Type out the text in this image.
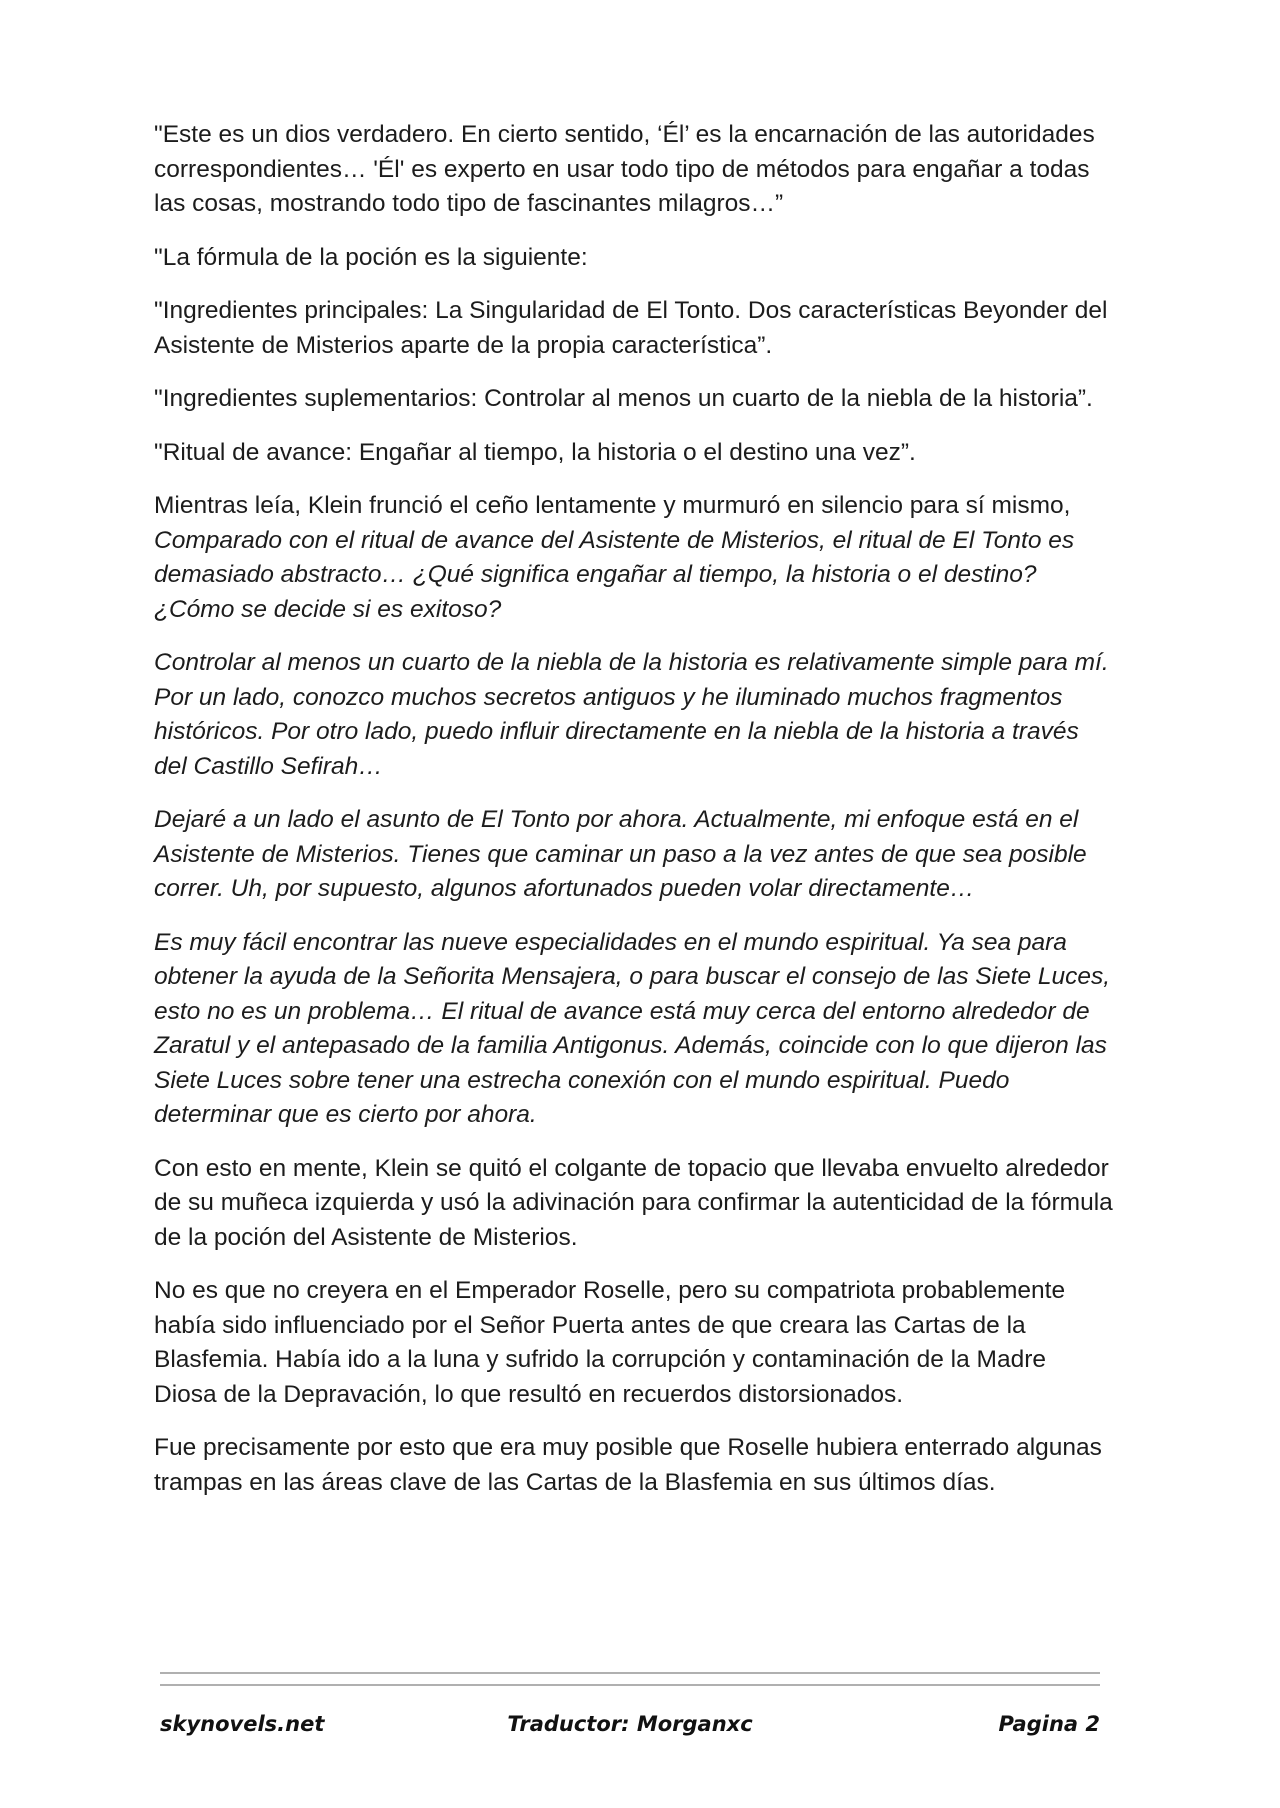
"Este es un dios verdadero. En cierto sentido, ‘Él’ es la encarnación de las autoridades correspondientes… 'Él' es experto en usar todo tipo de métodos para engañar a todas las cosas, mostrando todo tipo de fascinantes milagros…”

"La fórmula de la poción es la siguiente:

"Ingredientes principales: La Singularidad de El Tonto. Dos características Beyonder del Asistente de Misterios aparte de la propia característica”.

"Ingredientes suplementarios: Controlar al menos un cuarto de la niebla de la historia”.

"Ritual de avance: Engañar al tiempo, la historia o el destino una vez”.

Mientras leía, Klein frunció el ceño lentamente y murmuró en silencio para sí mismo, Comparado con el ritual de avance del Asistente de Misterios, el ritual de El Tonto es demasiado abstracto… ¿Qué significa engañar al tiempo, la historia o el destino? ¿Cómo se decide si es exitoso?

Controlar al menos un cuarto de la niebla de la historia es relativamente simple para mí. Por un lado, conozco muchos secretos antiguos y he iluminado muchos fragmentos históricos. Por otro lado, puedo influir directamente en la niebla de la historia a través del Castillo Sefirah…

Dejaré a un lado el asunto de El Tonto por ahora. Actualmente, mi enfoque está en el Asistente de Misterios. Tienes que caminar un paso a la vez antes de que sea posible correr. Uh, por supuesto, algunos afortunados pueden volar directamente…

Es muy fácil encontrar las nueve especialidades en el mundo espiritual. Ya sea para obtener la ayuda de la Señorita Mensajera, o para buscar el consejo de las Siete Luces, esto no es un problema… El ritual de avance está muy cerca del entorno alrededor de Zaratul y el antepasado de la familia Antigonus. Además, coincide con lo que dijeron las Siete Luces sobre tener una estrecha conexión con el mundo espiritual. Puedo determinar que es cierto por ahora.

Con esto en mente, Klein se quitó el colgante de topacio que llevaba envuelto alrededor de su muñeca izquierda y usó la adivinación para confirmar la autenticidad de la fórmula de la poción del Asistente de Misterios.

No es que no creyera en el Emperador Roselle, pero su compatriota probablemente había sido influenciado por el Señor Puerta antes de que creara las Cartas de la Blasfemia. Había ido a la luna y sufrido la corrupción y contaminación de la Madre Diosa de la Depravación, lo que resultó en recuerdos distorsionados.

Fue precisamente por esto que era muy posible que Roselle hubiera enterrado algunas trampas en las áreas clave de las Cartas de la Blasfemia en sus últimos días.

skynovels.net	Traductor: Morganxc	Pagina 2
